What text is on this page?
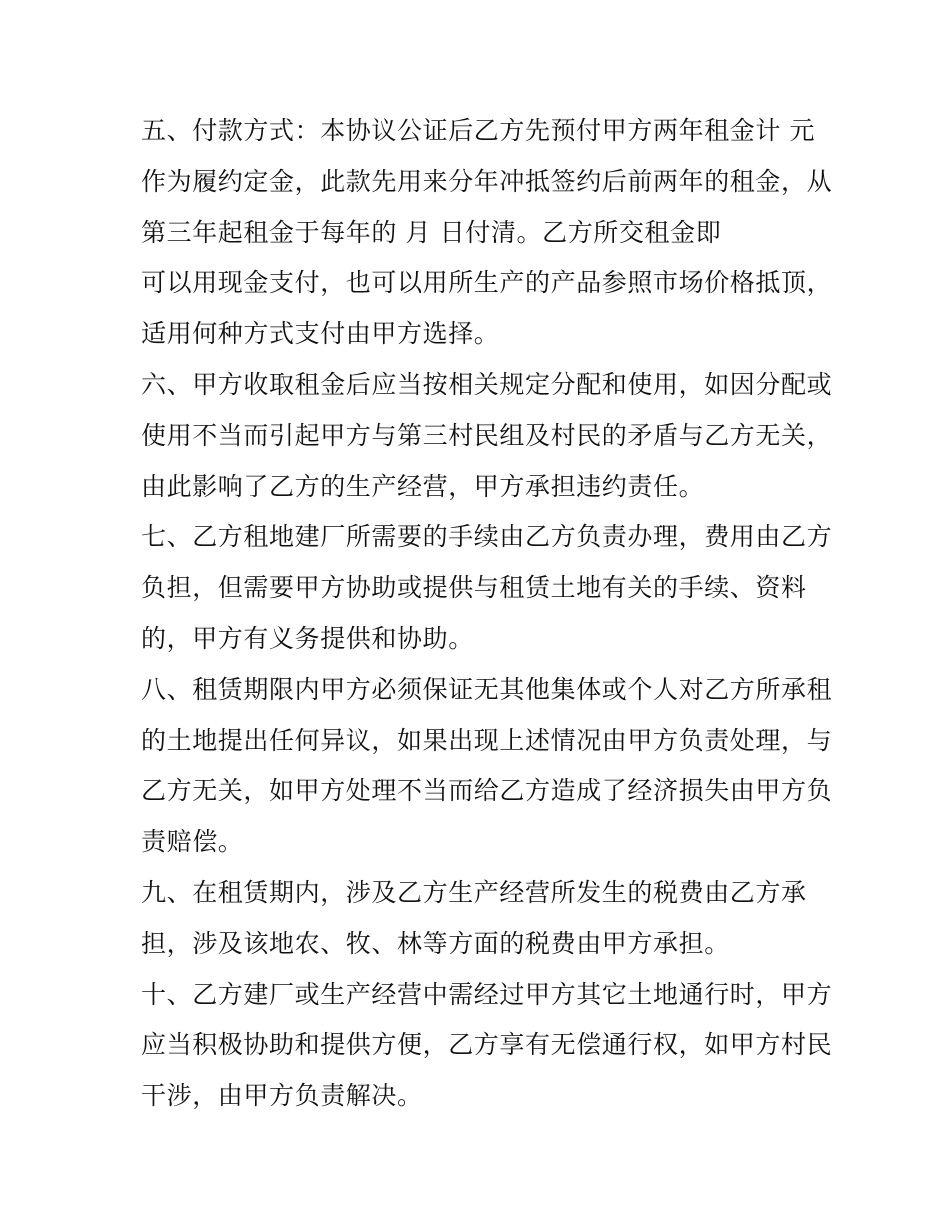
五、付款方式：本协议公证后乙方先预付甲方两年租金计 元
作为履约定金，此款先用来分年冲抵签约后前两年的租金，从
第三年起租金于每年的 月 日付清。乙方所交租金即
可以用现金支付，也可以用所生产的产品参照市场价格抵顶，
适用何种方式支付由甲方选择。
六、甲方收取租金后应当按相关规定分配和使用，如因分配或
使用不当而引起甲方与第三村民组及村民的矛盾与乙方无关，
由此影响了乙方的生产经营，甲方承担违约责任。
七、乙方租地建厂所需要的手续由乙方负责办理，费用由乙方
负担，但需要甲方协助或提供与租赁土地有关的手续、资料
的，甲方有义务提供和协助。
八、租赁期限内甲方必须保证无其他集体或个人对乙方所承租
的土地提出任何异议，如果出现上述情况由甲方负责处理，与
乙方无关，如甲方处理不当而给乙方造成了经济损失由甲方负
责赔偿。
九、在租赁期内，涉及乙方生产经营所发生的税费由乙方承
担，涉及该地农、牧、林等方面的税费由甲方承担。
十、乙方建厂或生产经营中需经过甲方其它土地通行时，甲方
应当积极协助和提供方便，乙方享有无偿通行权，如甲方村民
干涉，由甲方负责解决。
